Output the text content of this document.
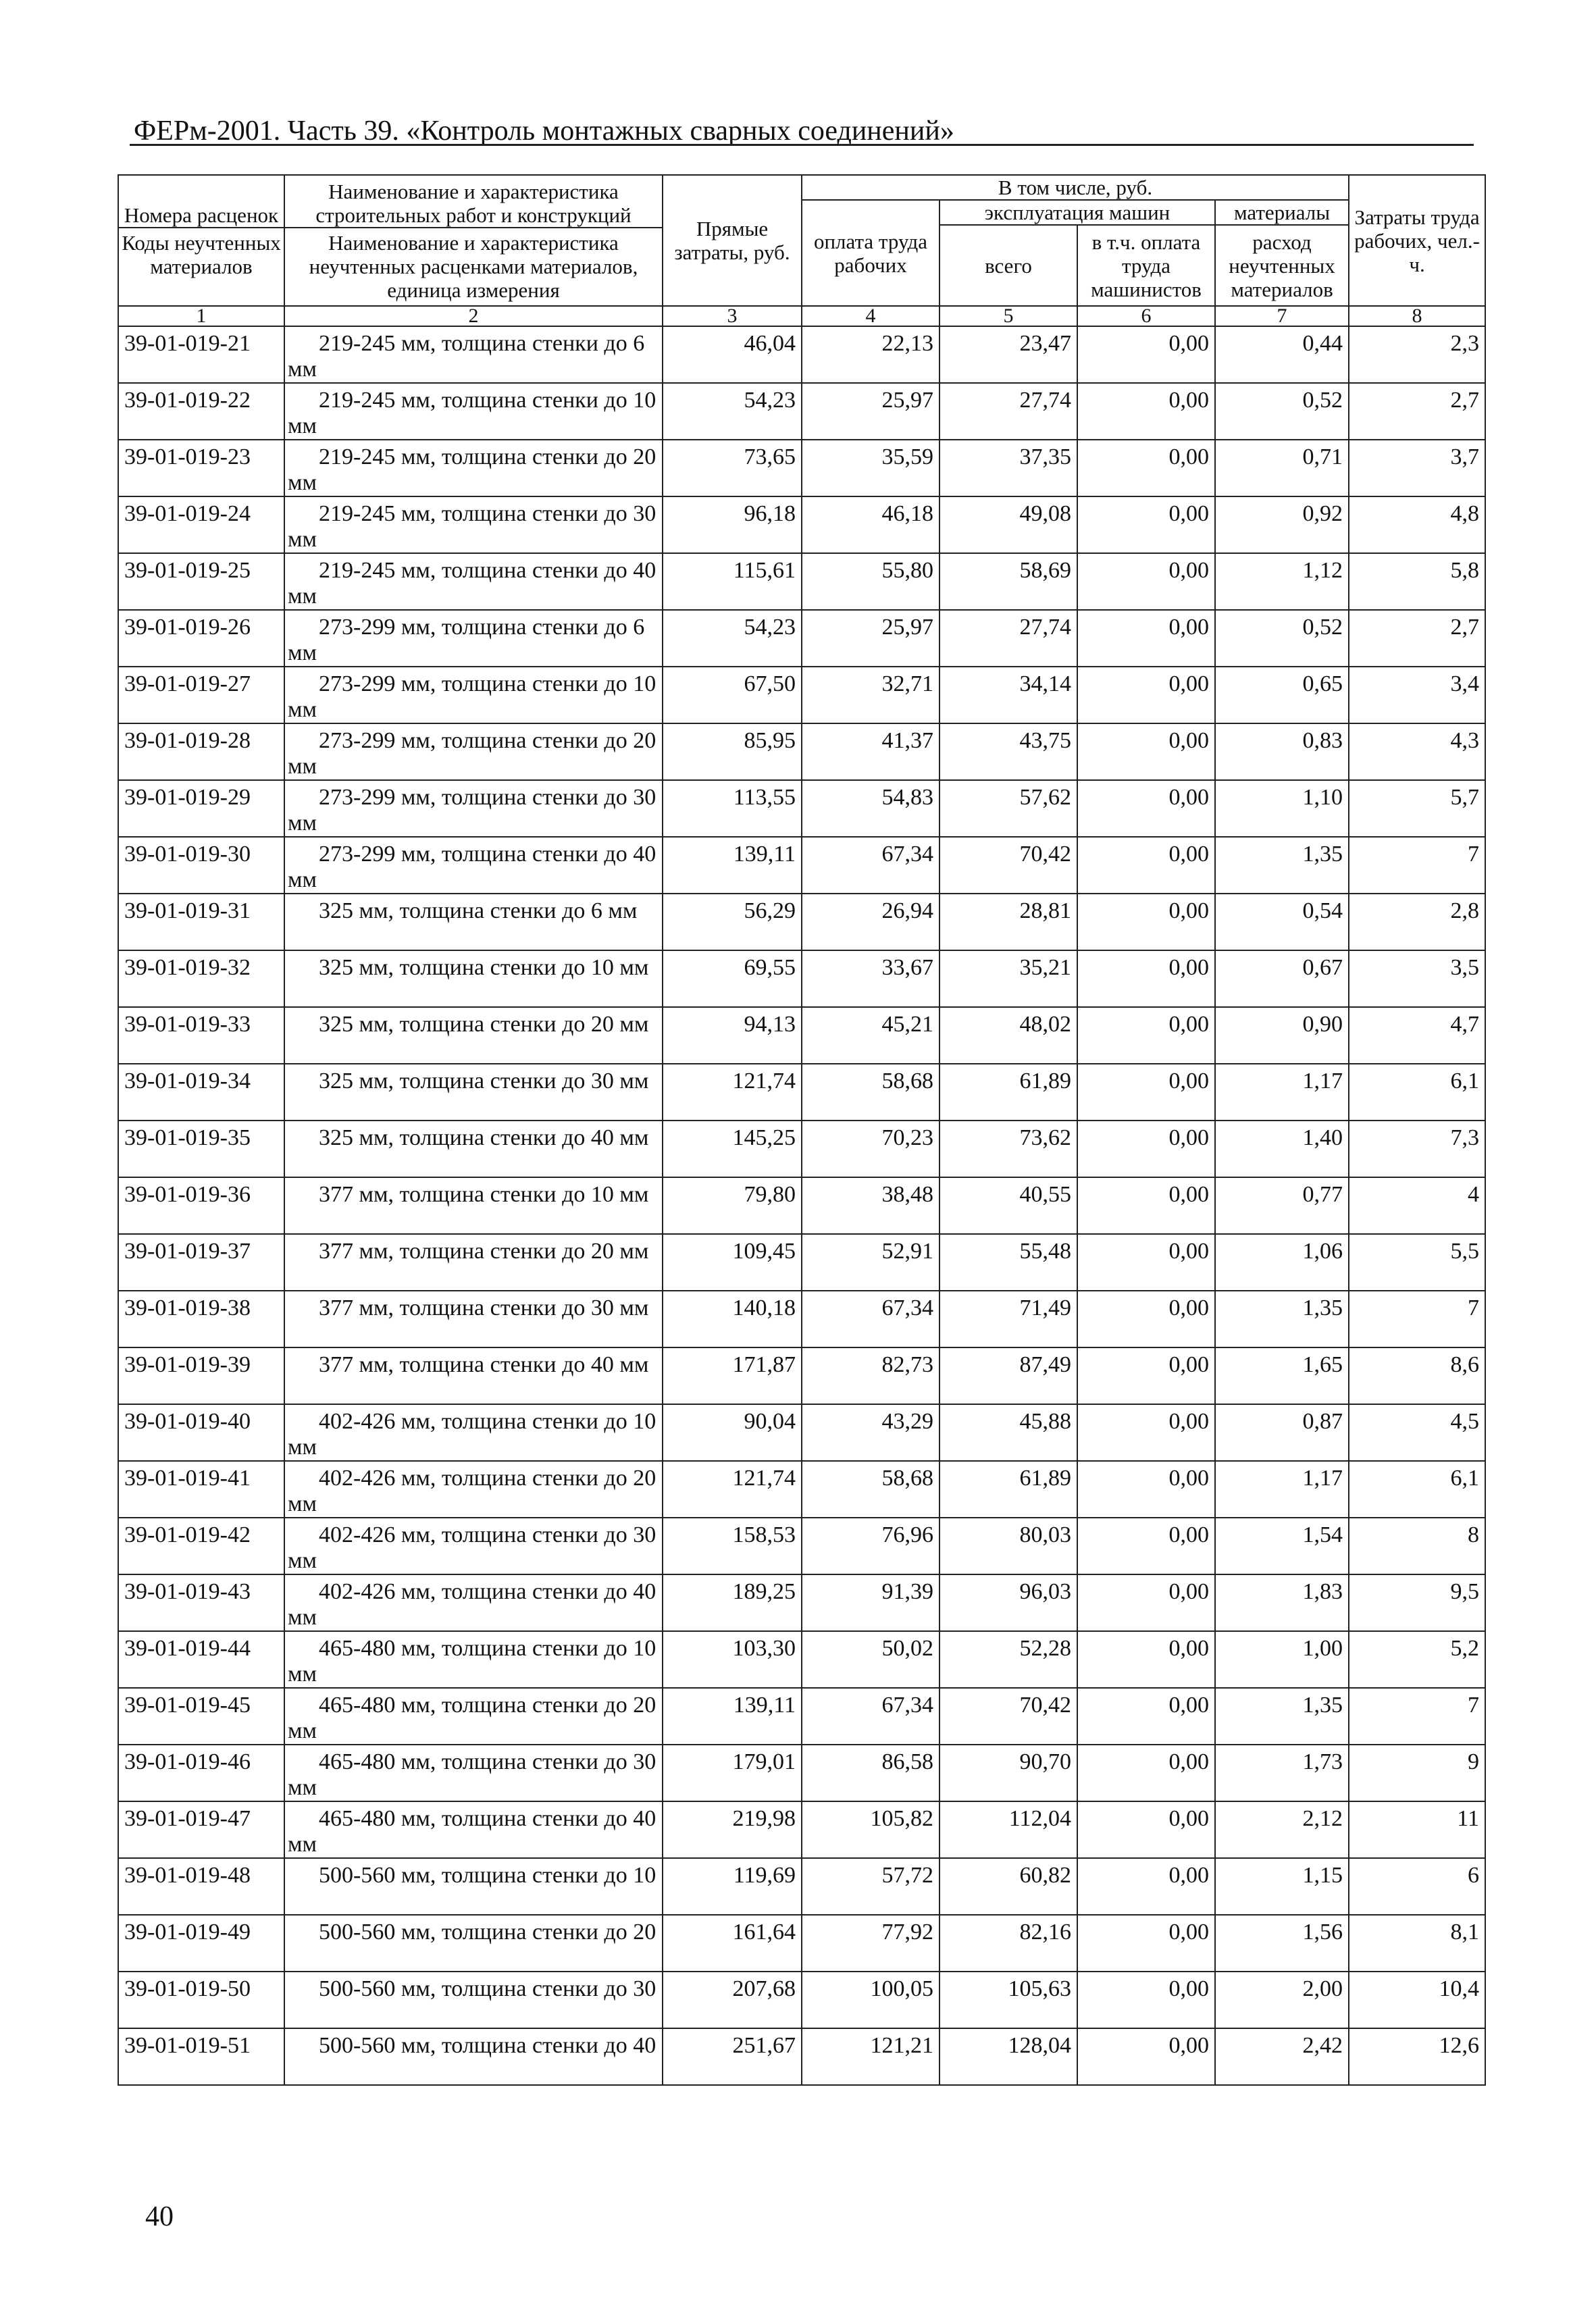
ФЕРм-2001. Часть 39. «Контроль монтажных сварных соединений»
Номера расценок
Коды неучтенных материалов	Наименование и характеристика строительных работ и конструкций
Наименование и характеристика неучтенных расценками материалов, единица измерения	Прямые затраты, руб.	В том числе, руб.				Затраты труда рабочих, чел.-ч.
			оплата труда рабочих	эксплуатация машин		материалы	
				всего	в т.ч. оплата труда машинистов	расход неучтенных материалов	
1	2	3	4	5	6	7	8
39-01-019-21	219-245 мм, толщина стенки до 6 мм	46,04	22,13	23,47	0,00	0,44	2,3
39-01-019-22	219-245 мм, толщина стенки до 10 мм	54,23	25,97	27,74	0,00	0,52	2,7
39-01-019-23	219-245 мм, толщина стенки до 20 мм	73,65	35,59	37,35	0,00	0,71	3,7
39-01-019-24	219-245 мм, толщина стенки до 30 мм	96,18	46,18	49,08	0,00	0,92	4,8
39-01-019-25	219-245 мм, толщина стенки до 40 мм	115,61	55,80	58,69	0,00	1,12	5,8
39-01-019-26	273-299 мм, толщина стенки до 6 мм	54,23	25,97	27,74	0,00	0,52	2,7
39-01-019-27	273-299 мм, толщина стенки до 10 мм	67,50	32,71	34,14	0,00	0,65	3,4
39-01-019-28	273-299 мм, толщина стенки до 20 мм	85,95	41,37	43,75	0,00	0,83	4,3
39-01-019-29	273-299 мм, толщина стенки до 30 мм	113,55	54,83	57,62	0,00	1,10	5,7
39-01-019-30	273-299 мм, толщина стенки до 40 мм	139,11	67,34	70,42	0,00	1,35	7
39-01-019-31	325 мм, толщина стенки до 6 мм	56,29	26,94	28,81	0,00	0,54	2,8
39-01-019-32	325 мм, толщина стенки до 10 мм	69,55	33,67	35,21	0,00	0,67	3,5
39-01-019-33	325 мм, толщина стенки до 20 мм	94,13	45,21	48,02	0,00	0,90	4,7
39-01-019-34	325 мм, толщина стенки до 30 мм	121,74	58,68	61,89	0,00	1,17	6,1
39-01-019-35	325 мм, толщина стенки до 40 мм	145,25	70,23	73,62	0,00	1,40	7,3
39-01-019-36	377 мм, толщина стенки до 10 мм	79,80	38,48	40,55	0,00	0,77	4
39-01-019-37	377 мм, толщина стенки до 20 мм	109,45	52,91	55,48	0,00	1,06	5,5
39-01-019-38	377 мм, толщина стенки до 30 мм	140,18	67,34	71,49	0,00	1,35	7
39-01-019-39	377 мм, толщина стенки до 40 мм	171,87	82,73	87,49	0,00	1,65	8,6
39-01-019-40	402-426 мм, толщина стенки до 10 мм	90,04	43,29	45,88	0,00	0,87	4,5
39-01-019-41	402-426 мм, толщина стенки до 20 мм	121,74	58,68	61,89	0,00	1,17	6,1
39-01-019-42	402-426 мм, толщина стенки до 30 мм	158,53	76,96	80,03	0,00	1,54	8
39-01-019-43	402-426 мм, толщина стенки до 40 мм	189,25	91,39	96,03	0,00	1,83	9,5
39-01-019-44	465-480 мм, толщина стенки до 10 мм	103,30	50,02	52,28	0,00	1,00	5,2
39-01-019-45	465-480 мм, толщина стенки до 20 мм	139,11	67,34	70,42	0,00	1,35	7
39-01-019-46	465-480 мм, толщина стенки до 30 мм	179,01	86,58	90,70	0,00	1,73	9
39-01-019-47	465-480 мм, толщина стенки до 40 мм	219,98	105,82	112,04	0,00	2,12	11
39-01-019-48	500-560 мм, толщина стенки до 10	119,69	57,72	60,82	0,00	1,15	6
39-01-019-49	500-560 мм, толщина стенки до 20	161,64	77,92	82,16	0,00	1,56	8,1
39-01-019-50	500-560 мм, толщина стенки до 30	207,68	100,05	105,63	0,00	2,00	10,4
39-01-019-51	500-560 мм, толщина стенки до 40	251,67	121,21	128,04	0,00	2,42	12,6
40
